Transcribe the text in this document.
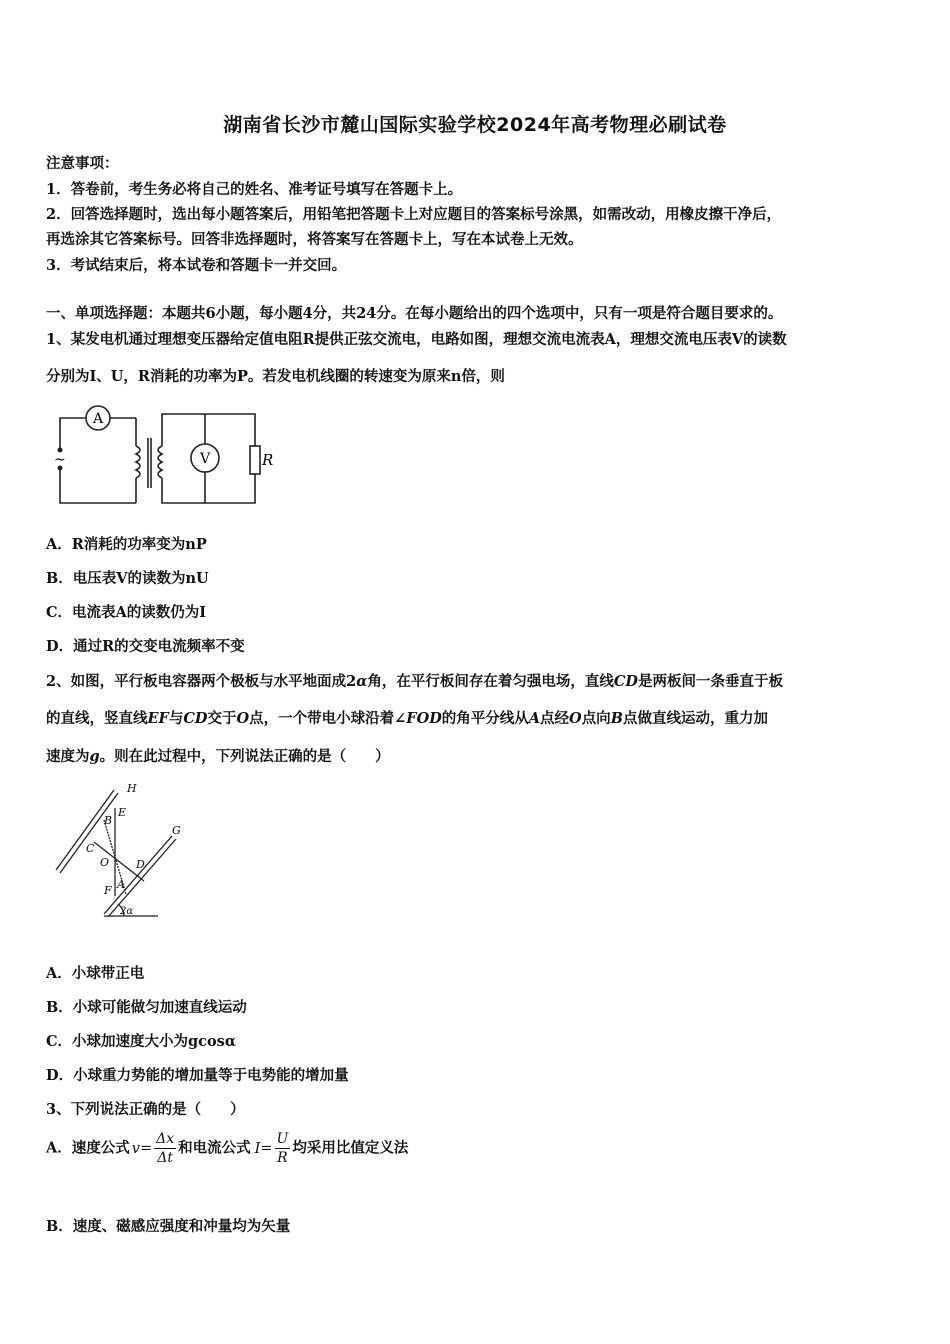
湖南省长沙市麓山国际实验学校2024年高考物理必刷试卷
注意事项：
1．答卷前，考生务必将自己的姓名、准考证号填写在答题卡上。
2．回答选择题时，选出每小题答案后，用铅笔把答题卡上对应题目的答案标号涂黑，如需改动，用橡皮擦干净后，
再选涂其它答案标号。回答非选择题时，将答案写在答题卡上，写在本试卷上无效。
3．考试结束后，将本试卷和答题卡一并交回。
一、单项选择题：本题共6小题，每小题4分，共24分。在每小题给出的四个选项中，只有一项是符合题目要求的。
1、某发电机通过理想变压器给定值电阻R提供正弦交流电，电路如图，理想交流电流表A，理想交流电压表V的读数
分别为I、U，R消耗的功率为P。若发电机线圈的转速变为原来n倍，则
A
V	R
~
A．R消耗的功率变为nP
B．电压表V的读数为nU
C．电流表A的读数仍为I
D．通过R的交变电流频率不变
2、如图，平行板电容器两个极板与水平地面成2α角，在平行板间存在着匀强电场，直线CD是两板间一条垂直于板
的直线，竖直线EF与CD交于O点，一个带电小球沿着∠FOD的角平分线从A点经O点向B点做直线运动，重力加
速度为g。则在此过程中，下列说法正确的是（　　）
H
E
B
C
O D
A
F
G
2α
A．小球带正电
B．小球可能做匀加速直线运动
C．小球加速度大小为gcosα
D．小球重力势能的增加量等于电势能的增加量
3、下列说法正确的是（　　）
A．速度公式 $v= \frac{\Delta x}{\Delta t}$ 和电流公式 $I= \frac{U}{R}$ 均采用比值定义法
B．速度、磁感应强度和冲量均为矢量
